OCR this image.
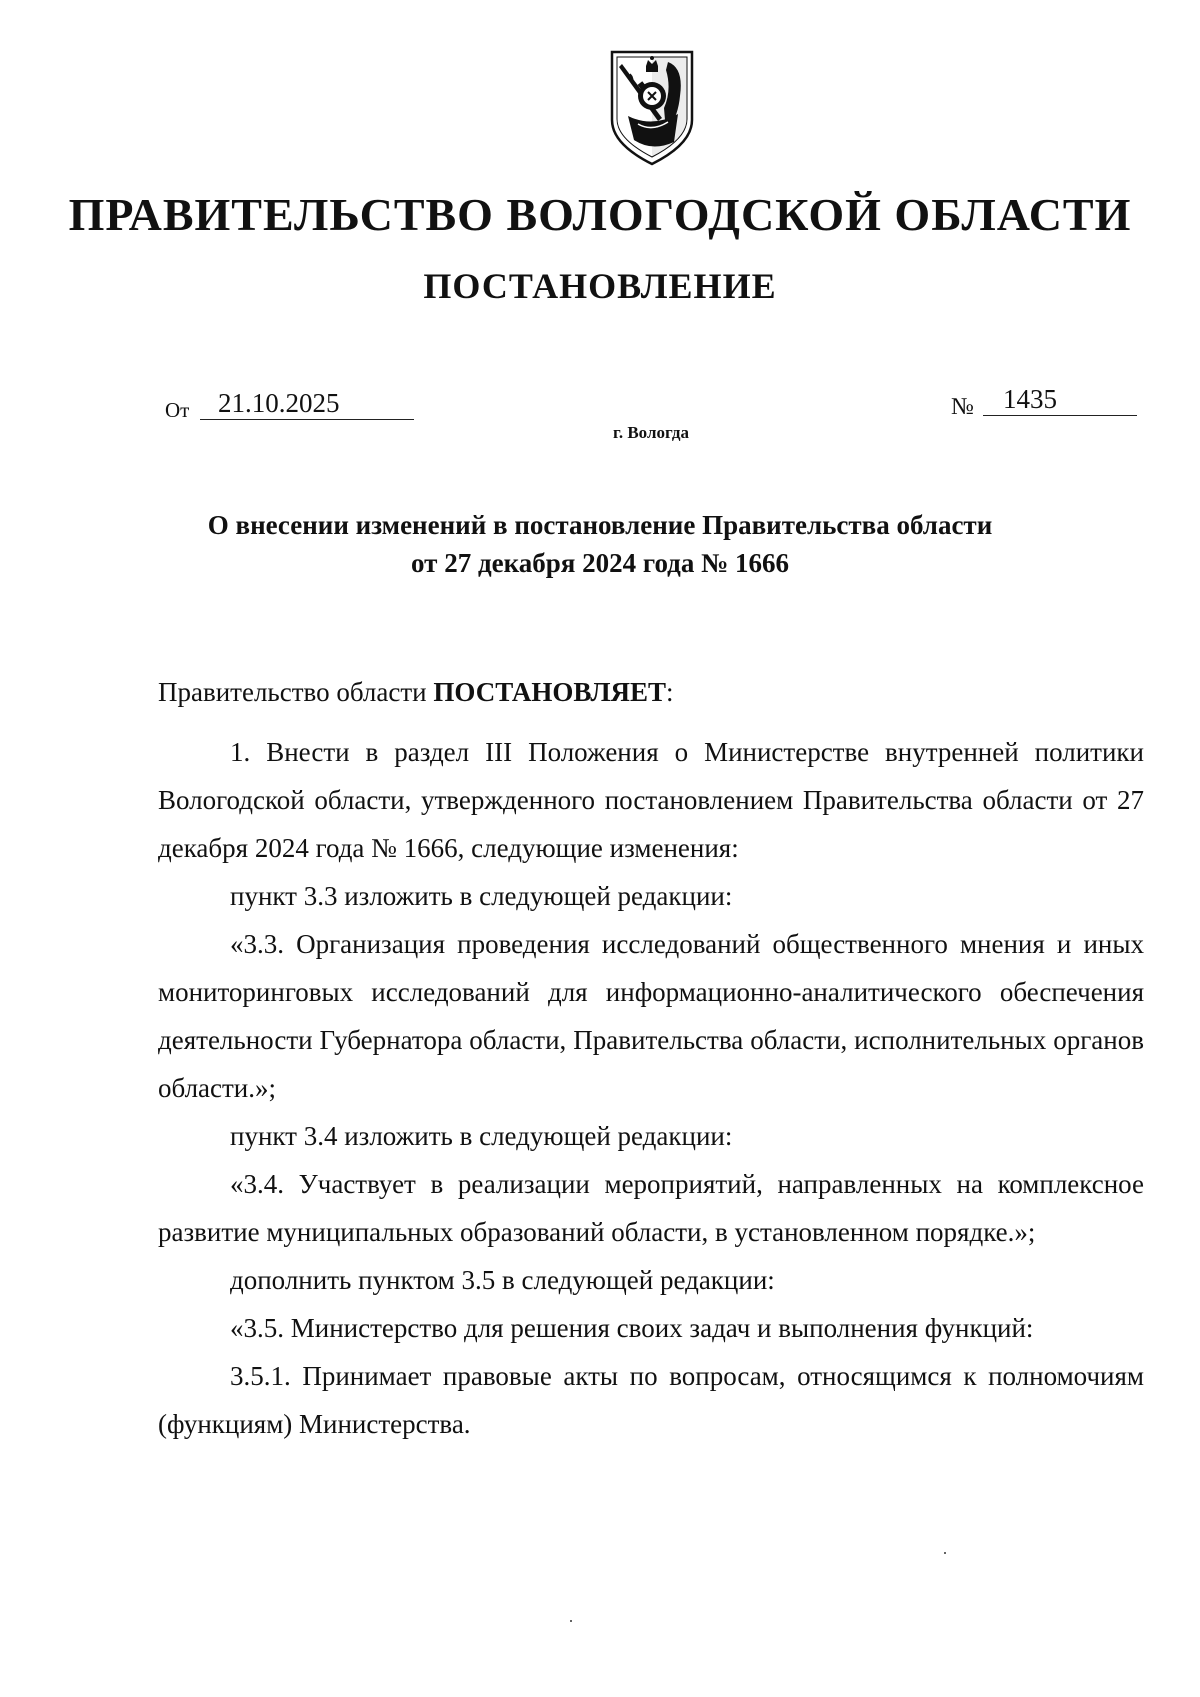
ПРАВИТЕЛЬСТВО ВОЛОГОДСКОЙ ОБЛАСТИ
ПОСТАНОВЛЕНИЕ
От	21.10.2025	№	1435
г. Вологда
О внесении изменений в постановление Правительства области
от 27 декабря 2024 года № 1666

Правительство области ПОСТАНОВЛЯЕТ:

1. Внести в раздел III Положения о Министерстве внутренней политики Вологодской области, утвержденного постановлением Правительства области от 27 декабря 2024 года № 1666, следующие изменения:

пункт 3.3 изложить в следующей редакции:

«3.3. Организация проведения исследований общественного мнения и иных мониторинговых исследований для информационно-аналитического обеспечения деятельности Губернатора области, Правительства области, исполнительных органов области.»;

пункт 3.4 изложить в следующей редакции:

«3.4. Участвует в реализации мероприятий, направленных на комплексное развитие муниципальных образований области, в установленном порядке.»;

дополнить пунктом 3.5 в следующей редакции:

«3.5. Министерство для решения своих задач и выполнения функций:

3.5.1. Принимает правовые акты по вопросам, относящимся к полномочиям (функциям) Министерства.
